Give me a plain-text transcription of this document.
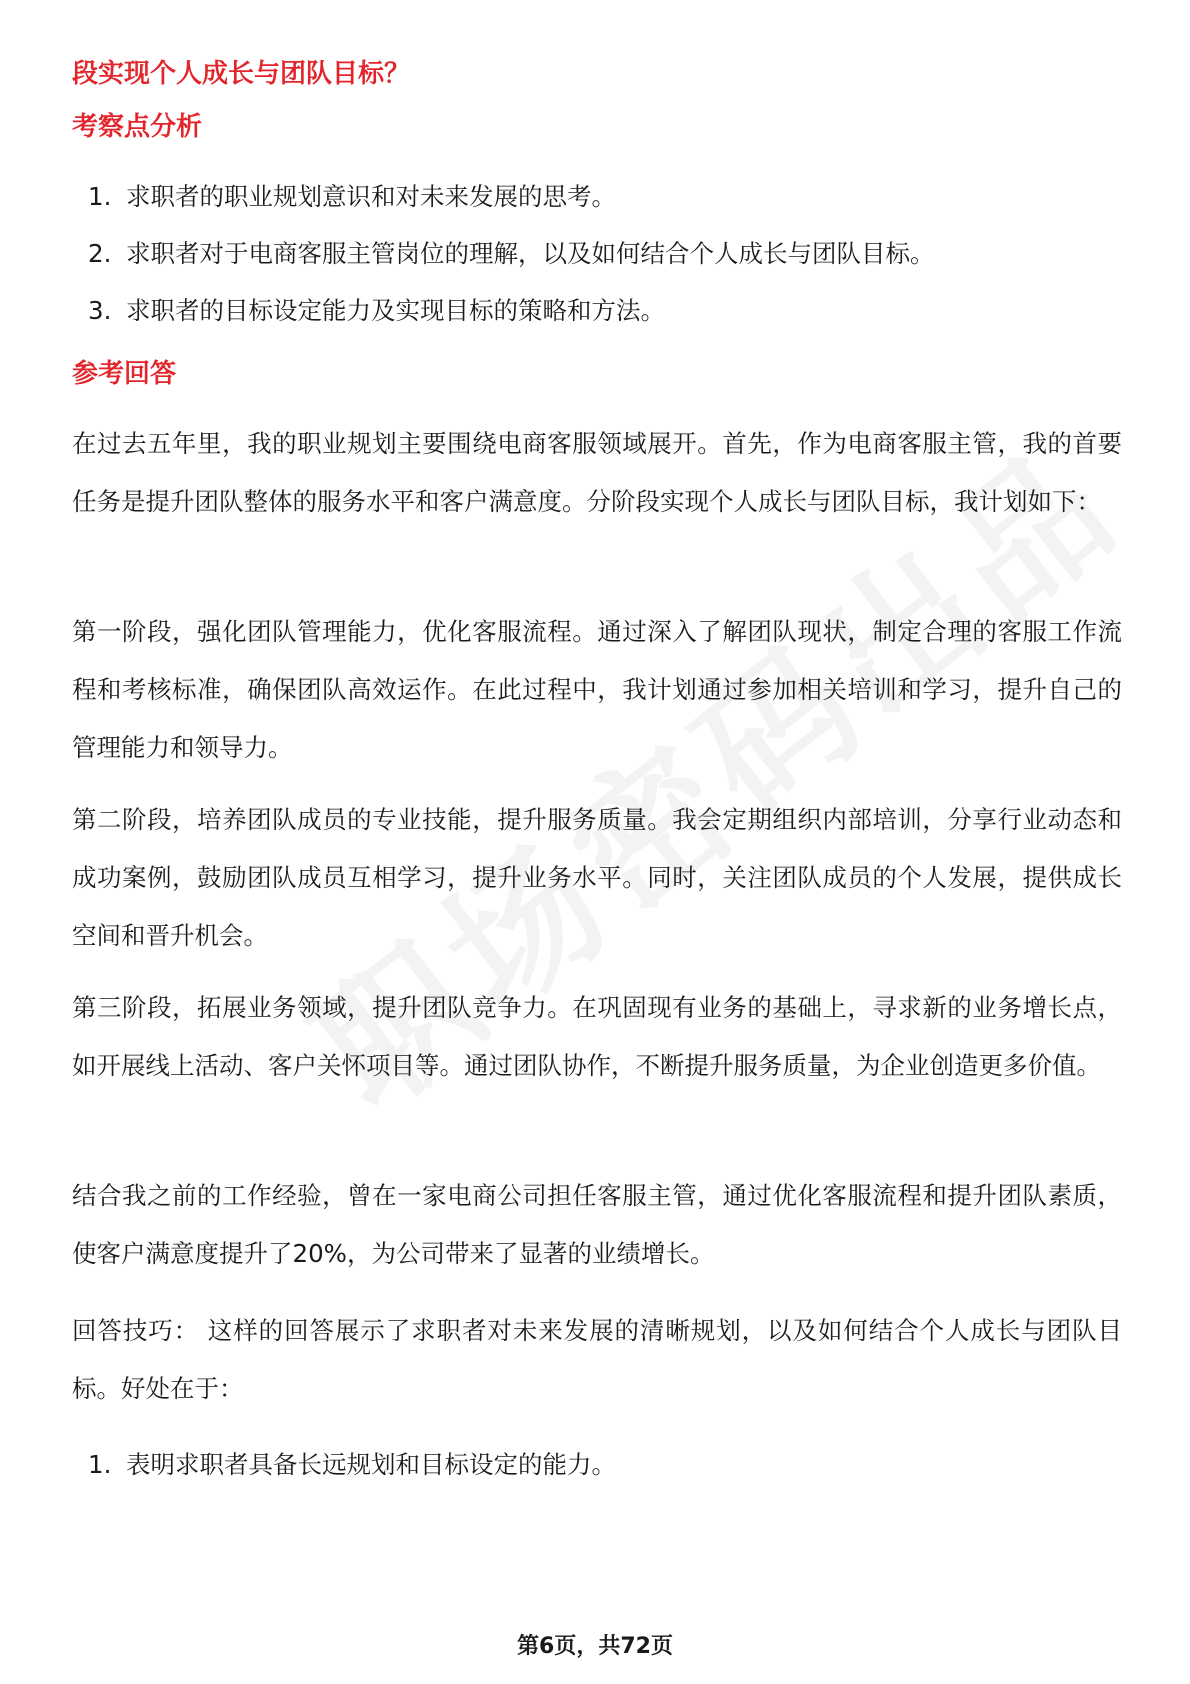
段实现个人成长与团队目标？
考察点分析
1. 求职者的职业规划意识和对未来发展的思考。
2. 求职者对于电商客服主管岗位的理解，以及如何结合个人成长与团队目标。
3. 求职者的目标设定能力及实现目标的策略和方法。
参考回答

在过去五年里，我的职业规划主要围绕电商客服领域展开。首先，作为电商客服主管，我的首要任务是提升团队整体的服务水平和客户满意度。分阶段实现个人成长与团队目标，我计划如下：

第一阶段，强化团队管理能力，优化客服流程。通过深入了解团队现状，制定合理的客服工作流程和考核标准，确保团队高效运作。在此过程中，我计划通过参加相关培训和学习，提升自己的管理能力和领导力。

第二阶段，培养团队成员的专业技能，提升服务质量。我会定期组织内部培训，分享行业动态和成功案例，鼓励团队成员互相学习，提升业务水平。同时，关注团队成员的个人发展，提供成长空间和晋升机会。

第三阶段，拓展业务领域，提升团队竞争力。在巩固现有业务的基础上，寻求新的业务增长点，如开展线上活动、客户关怀项目等。通过团队协作，不断提升服务质量，为企业创造更多价值。

结合我之前的工作经验，曾在一家电商公司担任客服主管，通过优化客服流程和提升团队素质，使客户满意度提升了20%，为公司带来了显著的业绩增长。

回答技巧： 这样的回答展示了求职者对未来发展的清晰规划，以及如何结合个人成长与团队目标。好处在于：

1. 表明求职者具备长远规划和目标设定的能力。
第6页，共72页
